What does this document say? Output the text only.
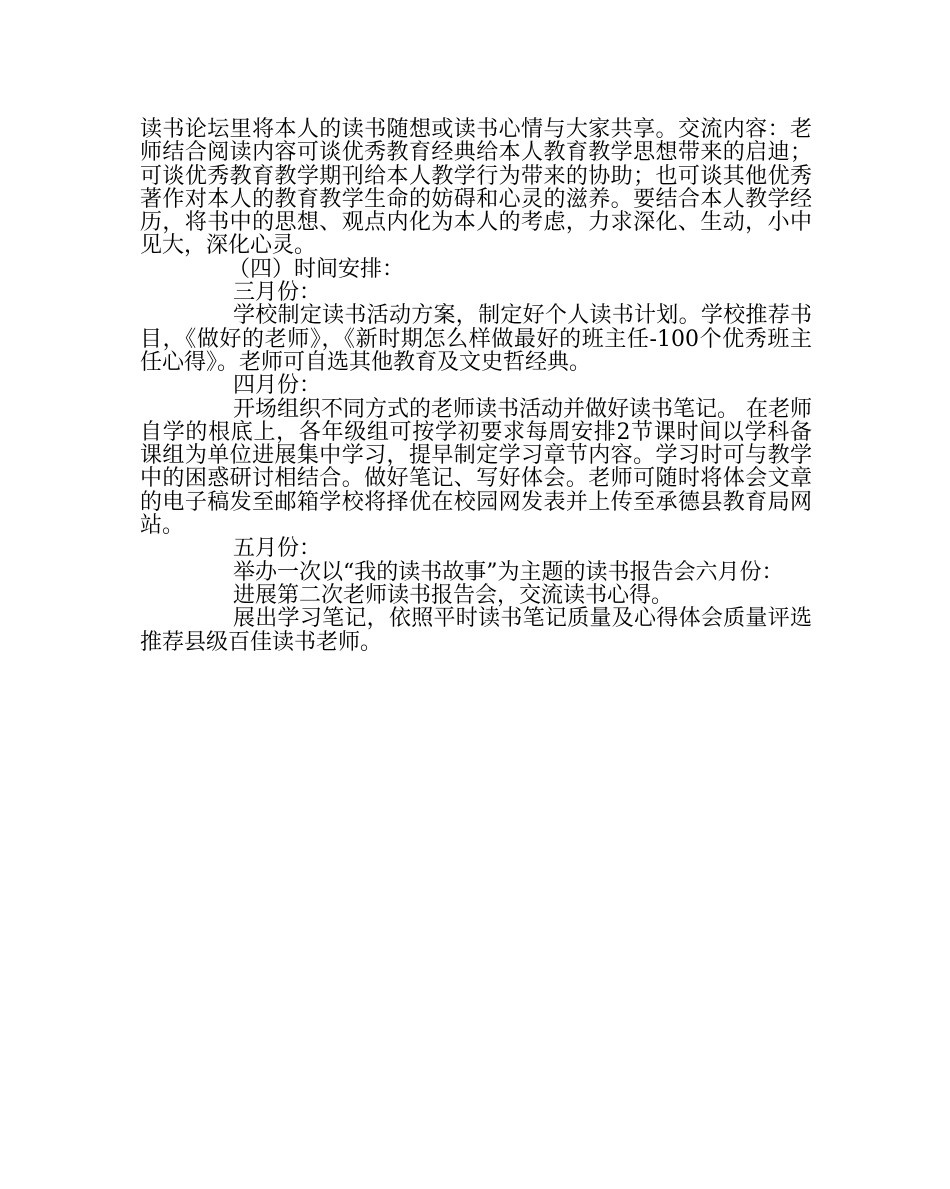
读书论坛里将本人的读书随想或读书心情与大家共享。交流内容：老师结合阅读内容可谈优秀教育经典给本人教育教学思想带来的启迪；可谈优秀教育教学期刊给本人教学行为带来的协助；也可谈其他优秀著作对本人的教育教学生命的妨碍和心灵的滋养。要结合本人教学经历，将书中的思想、观点内化为本人的考虑，力求深化、生动，小中见大，深化心灵。

（四）时间安排：

三月份：

学校制定读书活动方案，制定好个人读书计划。学校推荐书目，《做好的老师》，《新时期怎么样做最好的班主任-100个优秀班主任心得》。老师可自选其他教育及文史哲经典。

四月份：

开场组织不同方式的老师读书活动并做好读书笔记。 在老师自学的根底上，各年级组可按学初要求每周安排2节课时间以学科备课组为单位进展集中学习，提早制定学习章节内容。学习时可与教学中的困惑研讨相结合。做好笔记、写好体会。老师可随时将体会文章的电子稿发至邮箱学校将择优在校园网发表并上传至承德县教育局网站。

五月份：

举办一次以“我的读书故事”为主题的读书报告会六月份：

进展第二次老师读书报告会，交流读书心得。

展出学习笔记，依照平时读书笔记质量及心得体会质量评选推荐县级百佳读书老师。
